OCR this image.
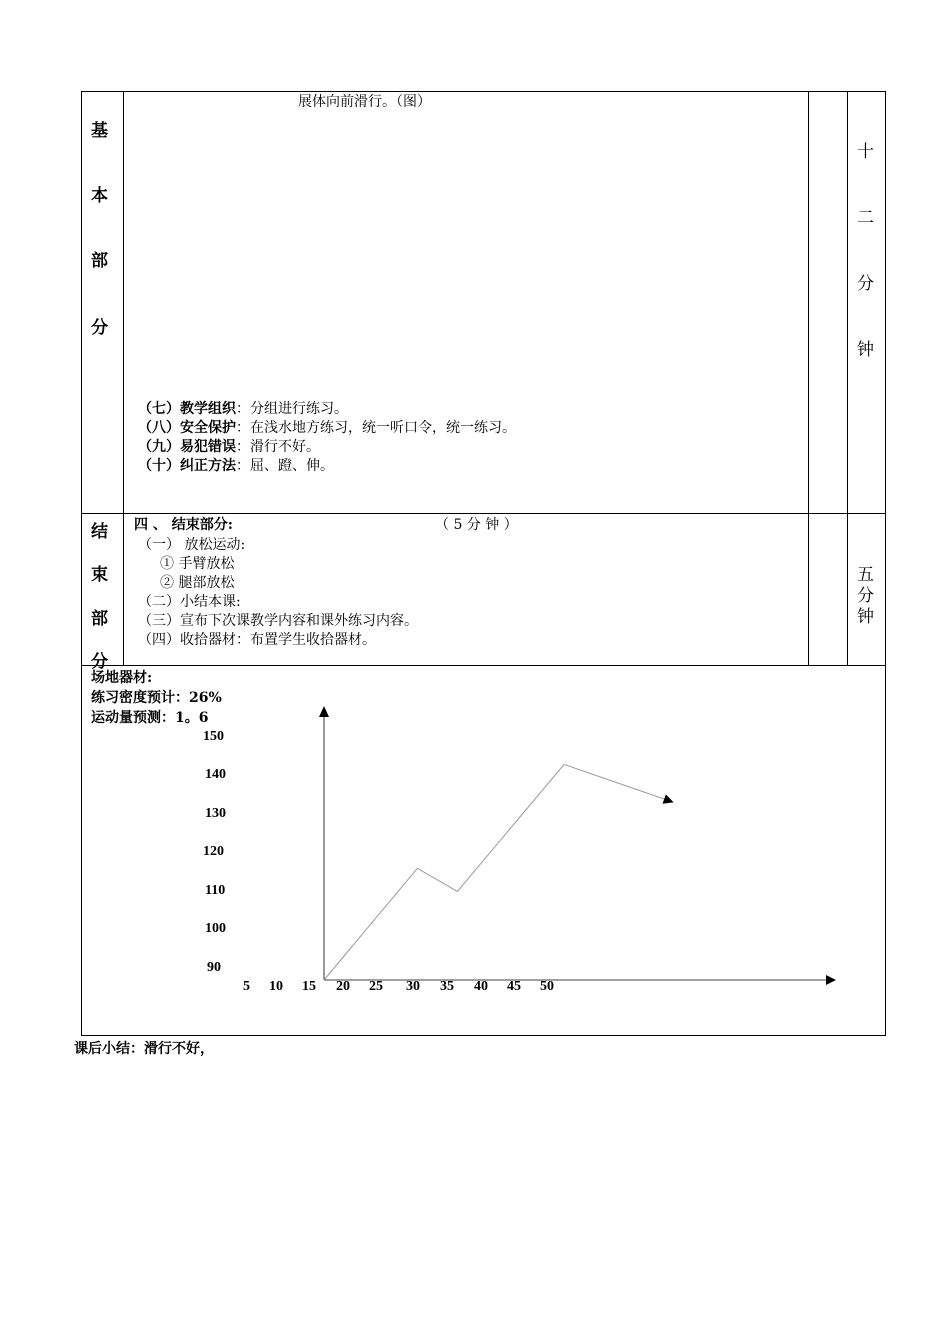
基
本
部
分
展体向前滑行。（图）
（七）教学组织：分组进行练习。
（八）安全保护：在浅水地方练习，统一听口令，统一练习。
（九）易犯错误：滑行不好。
（十）纠正方法：屈、蹬、伸。
十
二
分
钟
结
束
部
分
四 、 结束部分:	（ 5 分 钟 ）
（一） 放松运动:
① 手臂放松
② 腿部放松
（二）小结本课:
（三）宣布下次课教学内容和课外练习内容。
（四）收拾器材：布置学生收拾器材。
五
分
钟
场地器材:
练习密度预计：26%
运动量预测：1。6
150
140
130
120
110
100
90
5 10 15 20 25 30 35 40 45 50
课后小结：滑行不好，
